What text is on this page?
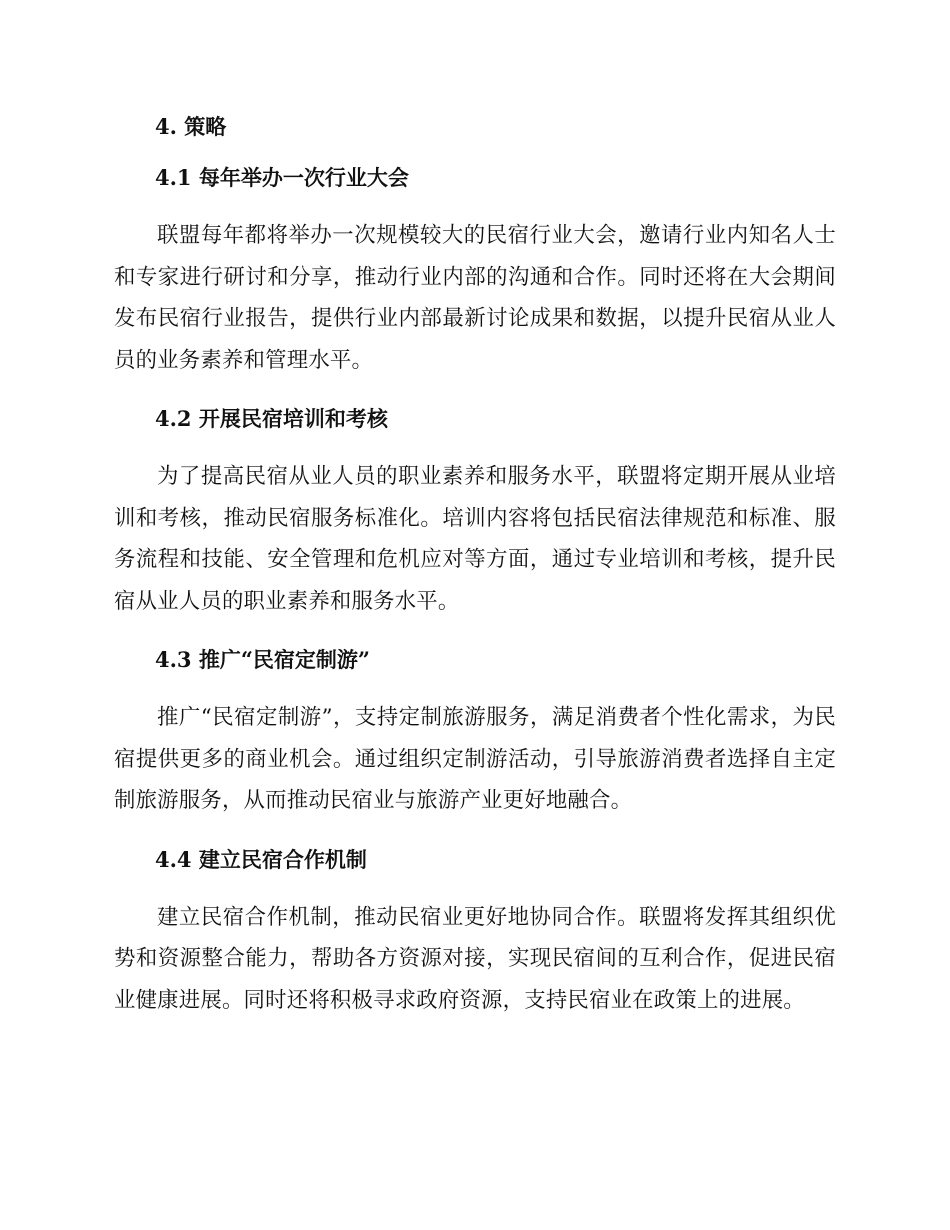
4. 策略
4.1 每年举办一次行业大会

联盟每年都将举办一次规模较大的民宿行业大会，邀请行业内知名人士和专家进行研讨和分享，推动行业内部的沟通和合作。同时还将在大会期间发布民宿行业报告，提供行业内部最新讨论成果和数据，以提升民宿从业人员的业务素养和管理水平。

4.2 开展民宿培训和考核

为了提高民宿从业人员的职业素养和服务水平，联盟将定期开展从业培训和考核，推动民宿服务标准化。培训内容将包括民宿法律规范和标准、服务流程和技能、安全管理和危机应对等方面，通过专业培训和考核，提升民宿从业人员的职业素养和服务水平。

4.3 推广“民宿定制游”

推广“民宿定制游”，支持定制旅游服务，满足消费者个性化需求，为民宿提供更多的商业机会。通过组织定制游活动，引导旅游消费者选择自主定制旅游服务，从而推动民宿业与旅游产业更好地融合。

4.4 建立民宿合作机制

建立民宿合作机制，推动民宿业更好地协同合作。联盟将发挥其组织优势和资源整合能力，帮助各方资源对接，实现民宿间的互利合作，促进民宿业健康进展。同时还将积极寻求政府资源，支持民宿业在政策上的进展。
